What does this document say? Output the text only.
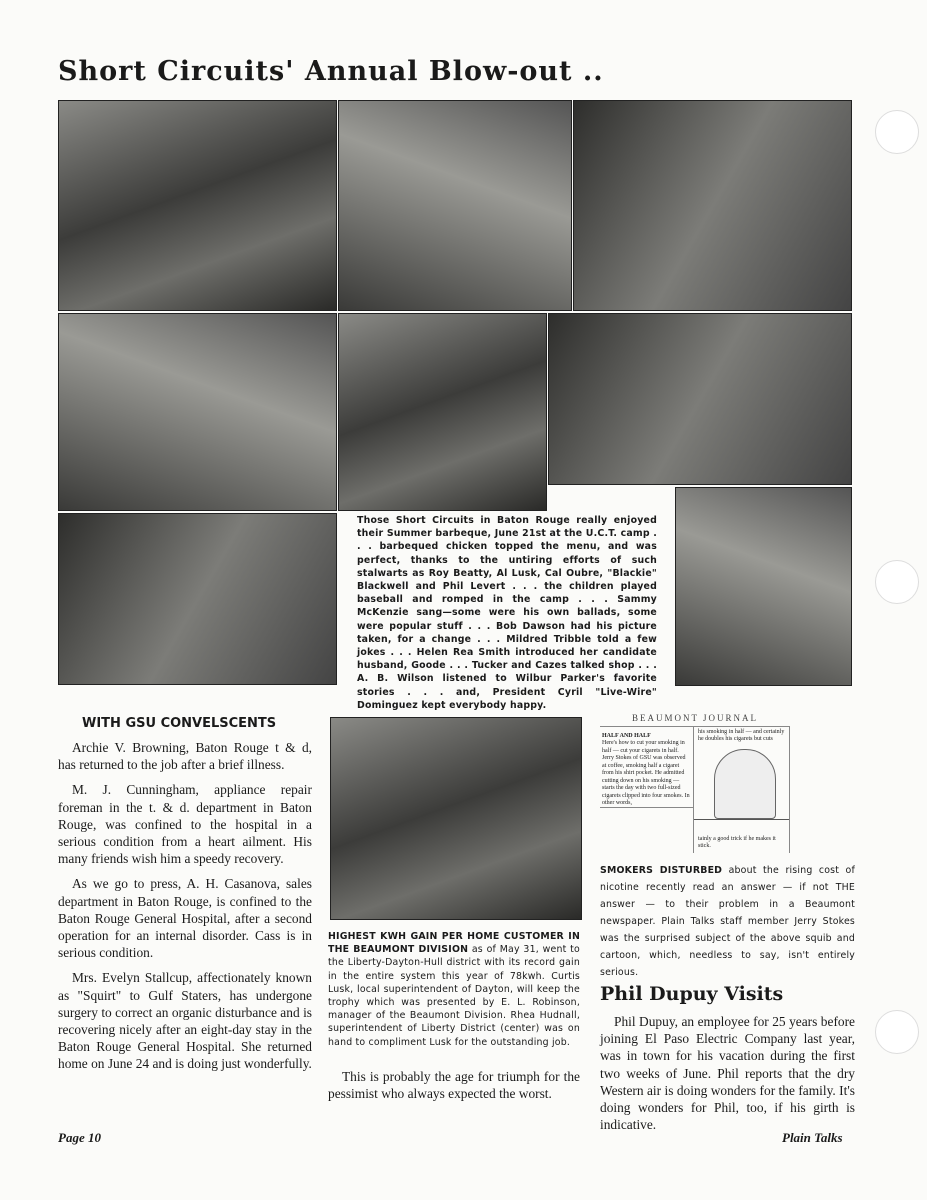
Short Circuits' Annual Blow-out ..
Those Short Circuits in Baton Rouge really enjoyed their Summer barbeque, June 21st at the U.C.T. camp . . . barbequed chicken topped the menu, and was perfect, thanks to the untiring efforts of such stalwarts as Roy Beatty, Al Lusk, Cal Oubre, "Blackie" Blackwell and Phil Levert . . . the children played baseball and romped in the camp . . . Sammy McKenzie sang—some were his own ballads, some were popular stuff . . . Bob Dawson had his picture taken, for a change . . . Mildred Tribble told a few jokes . . . Helen Rea Smith introduced her candidate husband, Goode . . . Tucker and Cazes talked shop . . . A. B. Wilson listened to Wilbur Parker's favorite stories . . . and, President Cyril "Live-Wire" Dominguez kept everybody happy.
WITH GSU CONVELSCENTS

Archie V. Browning, Baton Rouge t & d, has returned to the job after a brief illness.

M. J. Cunningham, appliance repair foreman in the t. & d. department in Baton Rouge, was confined to the hospital in a serious condition from a heart ailment. His many friends wish him a speedy recovery.

As we go to press, A. H. Casanova, sales department in Baton Rouge, is confined to the Baton Rouge General Hospital, after a second operation for an internal disorder. Cass is in serious condition.

Mrs. Evelyn Stallcup, affectionately known as "Squirt" to Gulf Staters, has undergone surgery to correct an organic disturbance and is recovering nicely after an eight-day stay in the Baton Rouge General Hospital. She returned home on June 24 and is doing just wonderfully.

HIGHEST KWH GAIN PER HOME CUSTOMER IN THE BEAUMONT DIVISION as of May 31, went to the Liberty-Dayton-Hull district with its record gain in the entire system this year of 78kwh. Curtis Lusk, local superintendent of Dayton, will keep the trophy which was presented by E. L. Robinson, manager of the Beaumont Division. Rhea Hudnall, superintendent of Liberty District (center) was on hand to compliment Lusk for the outstanding job.

This is probably the age for triumph for the pessimist who always expected the worst.

BEAUMONT JOURNAL
HALF AND HALF
Here's how to cut your smoking in half — cut your cigarets in half. Jerry Stokes of GSU was observed at coffee, smoking half a cigaret from his shirt pocket. He admitted cutting down on his smoking — starts the day with two full-sized cigarets clipped into four smokes. In other words,
his smoking in half — and certainly he doubles his cigarets but cuts
tainly a good trick if he makes it stick.
SMOKERS DISTURBED about the rising cost of nicotine recently read an answer — if not THE answer — to their problem in a Beaumont newspaper. Plain Talks staff member Jerry Stokes was the surprised subject of the above squib and cartoon, which, needless to say, isn't entirely serious.
Phil Dupuy Visits

Phil Dupuy, an employee for 25 years before joining El Paso Electric Company last year, was in town for his vacation during the first two weeks of June. Phil reports that the dry Western air is doing wonders for the family. It's doing wonders for Phil, too, if his girth is indicative.

Page 10	Plain Talks
